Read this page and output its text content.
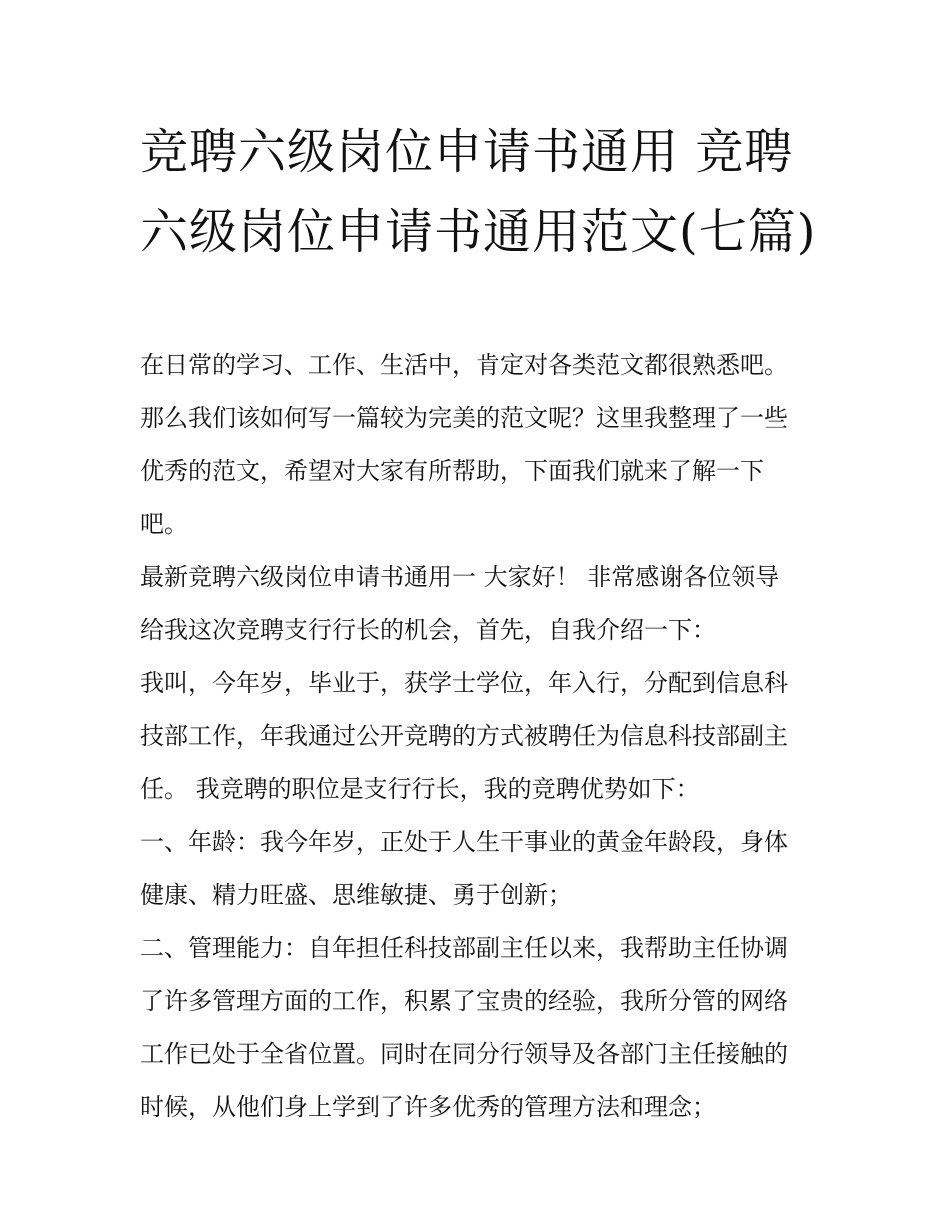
竞聘六级岗位申请书通用 竞聘六级岗位申请书通用范文(七篇)
在日常的学习、工作、生活中，肯定对各类范文都很熟悉吧。
那么我们该如何写一篇较为完美的范文呢？这里我整理了一些
优秀的范文，希望对大家有所帮助，下面我们就来了解一下
吧。
最新竞聘六级岗位申请书通用一 大家好！ 非常感谢各位领导
给我这次竞聘支行行长的机会，首先，自我介绍一下：
我叫，今年岁，毕业于，获学士学位，年入行，分配到信息科
技部工作，年我通过公开竞聘的方式被聘任为信息科技部副主
任。 我竞聘的职位是支行行长，我的竞聘优势如下：
一、年龄：我今年岁，正处于人生干事业的黄金年龄段，身体
健康、精力旺盛、思维敏捷、勇于创新；
二、管理能力：自年担任科技部副主任以来，我帮助主任协调
了许多管理方面的工作，积累了宝贵的经验，我所分管的网络
工作已处于全省位置。同时在同分行领导及各部门主任接触的
时候，从他们身上学到了许多优秀的管理方法和理念；
